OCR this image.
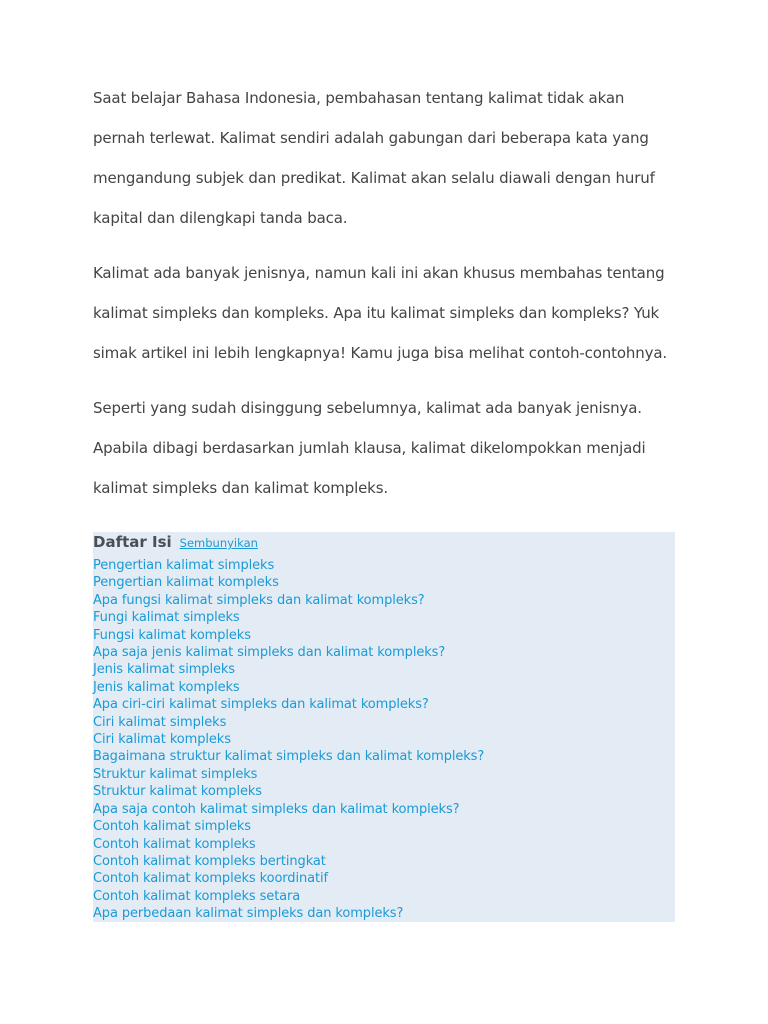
Saat belajar Bahasa Indonesia, pembahasan tentang kalimat tidak akan pernah terlewat. Kalimat sendiri adalah gabungan dari beberapa kata yang mengandung subjek dan predikat. Kalimat akan selalu diawali dengan huruf kapital dan dilengkapi tanda baca.

Kalimat ada banyak jenisnya, namun kali ini akan khusus membahas tentang kalimat simpleks dan kompleks. Apa itu kalimat simpleks dan kompleks? Yuk simak artikel ini lebih lengkapnya! Kamu juga bisa melihat contoh-contohnya.

Seperti yang sudah disinggung sebelumnya, kalimat ada banyak jenisnya. Apabila dibagi berdasarkan jumlah klausa, kalimat dikelompokkan menjadi kalimat simpleks dan kalimat kompleks.

Daftar Isi Sembunyikan
Pengertian kalimat simpleks
Pengertian kalimat kompleks
Apa fungsi kalimat simpleks dan kalimat kompleks?
Fungi kalimat simpleks
Fungsi kalimat kompleks
Apa saja jenis kalimat simpleks dan kalimat kompleks?
Jenis kalimat simpleks
Jenis kalimat kompleks
Apa ciri-ciri kalimat simpleks dan kalimat kompleks?
Ciri kalimat simpleks
Ciri kalimat kompleks
Bagaimana struktur kalimat simpleks dan kalimat kompleks?
Struktur kalimat simpleks
Struktur kalimat kompleks
Apa saja contoh kalimat simpleks dan kalimat kompleks?
Contoh kalimat simpleks
Contoh kalimat kompleks
Contoh kalimat kompleks bertingkat
Contoh kalimat kompleks koordinatif
Contoh kalimat kompleks setara
Apa perbedaan kalimat simpleks dan kompleks?
